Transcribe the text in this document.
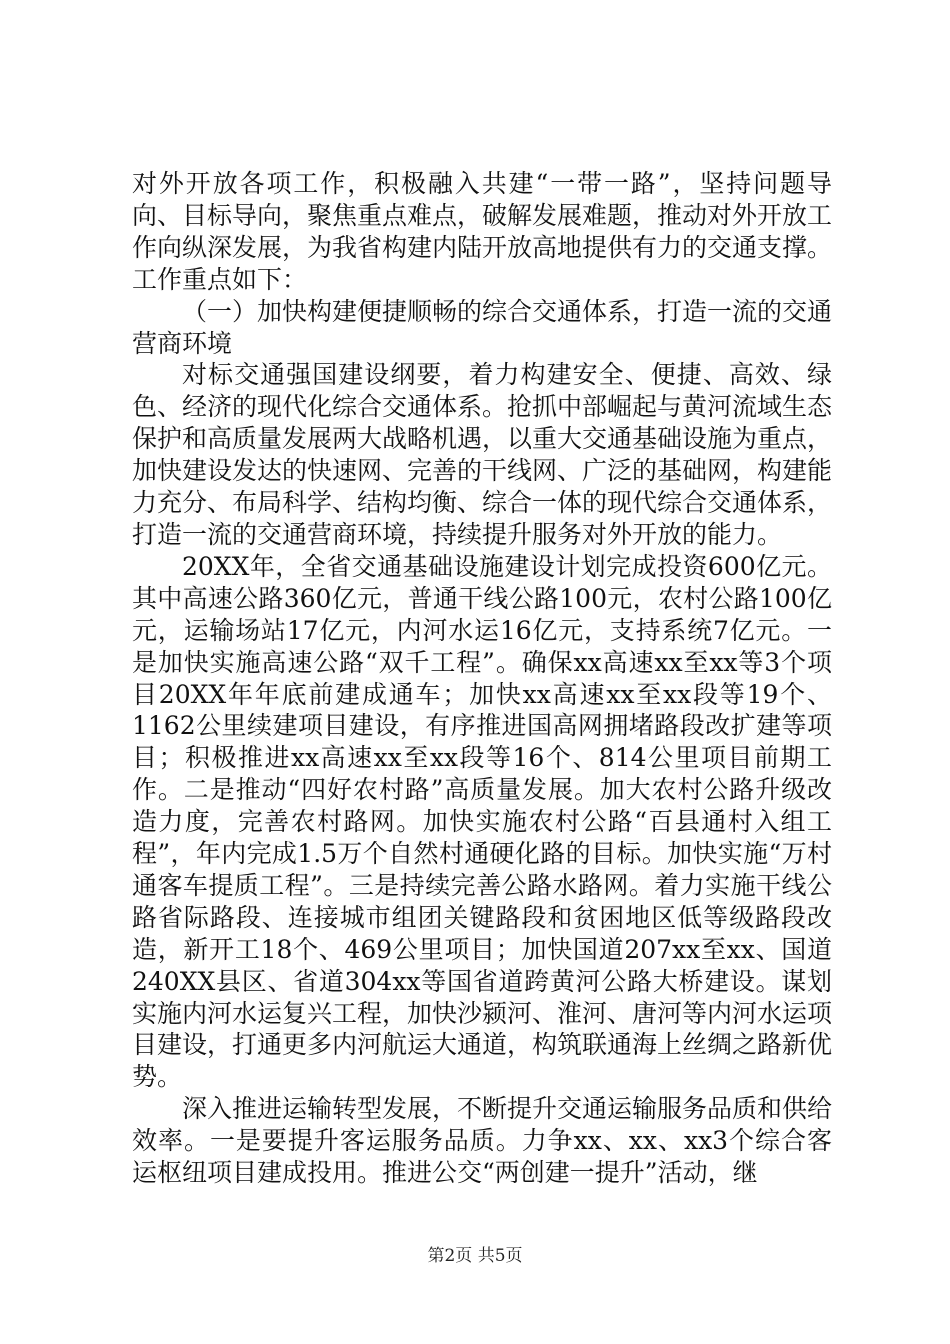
对外开放各项工作，积极融入共建“一带一路”，坚持问题导向、目标导向，聚焦重点难点，破解发展难题，推动对外开放工作向纵深发展，为我省构建内陆开放高地提供有力的交通支撑。工作重点如下：

（一）加快构建便捷顺畅的综合交通体系，打造一流的交通营商环境

对标交通强国建设纲要，着力构建安全、便捷、高效、绿色、经济的现代化综合交通体系。抢抓中部崛起与黄河流域生态保护和高质量发展两大战略机遇，以重大交通基础设施为重点，加快建设发达的快速网、完善的干线网、广泛的基础网，构建能力充分、布局科学、结构均衡、综合一体的现代综合交通体系，打造一流的交通营商环境，持续提升服务对外开放的能力。

20XX年，全省交通基础设施建设计划完成投资600亿元。其中高速公路360亿元，普通干线公路100元，农村公路100亿元，运输场站17亿元，内河水运16亿元，支持系统7亿元。一是加快实施高速公路“双千工程”。确保xx高速xx至xx等3个项目20XX年年底前建成通车；加快xx高速xx至xx段等19个、1162公里续建项目建设，有序推进国高网拥堵路段改扩建等项目；积极推进xx高速xx至xx段等16个、814公里项目前期工作。二是推动“四好农村路”高质量发展。加大农村公路升级改造力度，完善农村路网。加快实施农村公路“百县通村入组工程”，年内完成1.5万个自然村通硬化路的目标。加快实施“万村通客车提质工程”。三是持续完善公路水路网。着力实施干线公路省际路段、连接城市组团关键路段和贫困地区低等级路段改造，新开工18个、469公里项目；加快国道207xx至xx、国道240XX县区、省道304xx等国省道跨黄河公路大桥建设。谋划实施内河水运复兴工程，加快沙颍河、淮河、唐河等内河水运项目建设，打通更多内河航运大通道，构筑联通海上丝绸之路新优势。

深入推进运输转型发展，不断提升交通运输服务品质和供给效率。一是要提升客运服务品质。力争xx、xx、xx3个综合客运枢纽项目建成投用。推进公交“两创建一提升”活动，继

第2页 共5页
